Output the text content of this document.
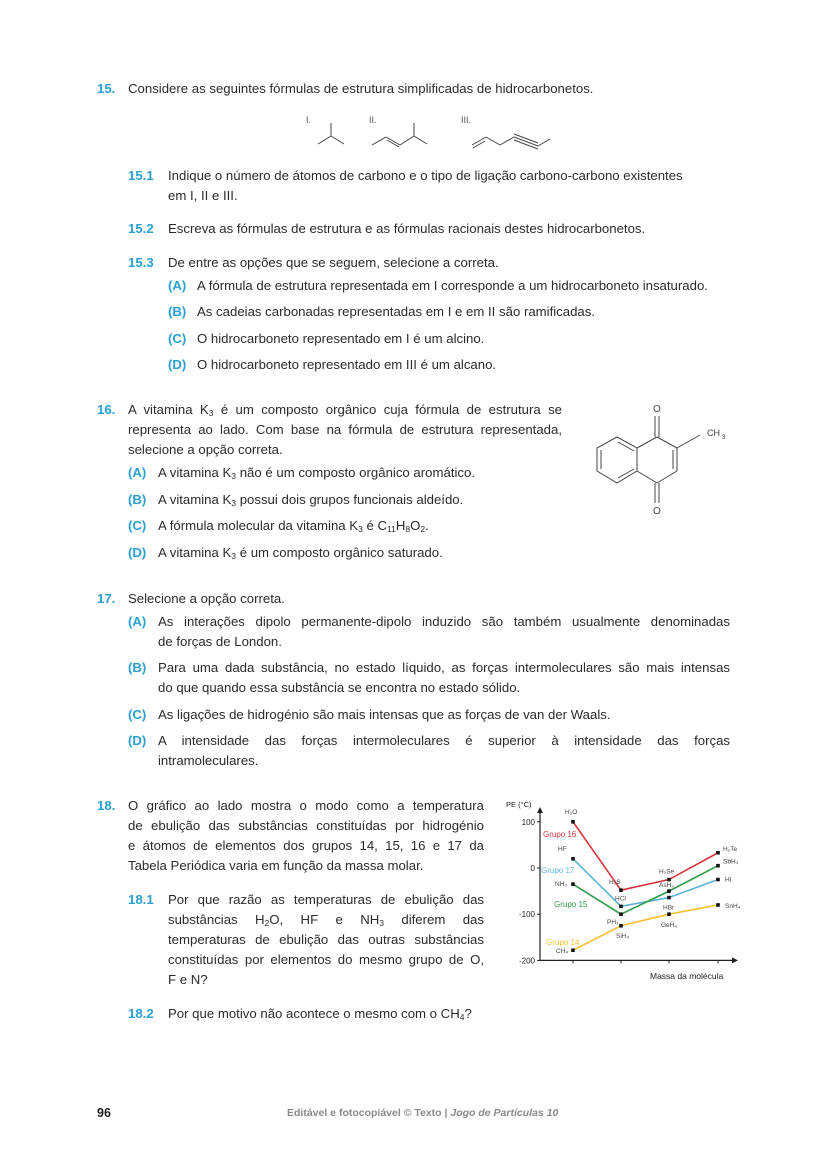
15. Considere as seguintes fórmulas de estrutura simplificadas de hidrocarbonetos.
I.	II.	III.
15.1 Indique o número de átomos de carbono e o tipo de ligação carbono-carbono existentes
em I, II e III.
15.2 Escreva as fórmulas de estrutura e as fórmulas racionais destes hidrocarbonetos.
15.3 De entre as opções que se seguem, selecione a correta.
(A) A fórmula de estrutura representada em I corresponde a um hidrocarboneto insaturado.
(B) As cadeias carbonadas representadas em I e em II são ramificadas.
(C) O hidrocarboneto representado em I é um alcino.
(D) O hidrocarboneto representado em III é um alcano.
16. A vitamina $K_3$ é um composto orgânico cuja fórmula de estrutura se
representa ao lado. Com base na fórmula de estrutura representada,
selecione a opção correta.
O
O
CH 3
(A) A vitamina $K_3$ não é um composto orgânico aromático.
(B) A vitamina $K_3$ possui dois grupos funcionais aldeído.
(C) A fórmula molecular da vitamina $K_3$ é $C_{11}H_8O_2$.
(D) A vitamina $K_3$ é um composto orgânico saturado.
17. Selecione a opção correta.
(A) As interações dipolo permanente-dipolo induzido são também usualmente denominadas
de forças de London.
(B) Para uma dada substância, no estado líquido, as forças intermoleculares são mais intensas
do que quando essa substância se encontra no estado sólido.
(C) As ligações de hidrogénio são mais intensas que as forças de van der Waals.
(D) A intensidade das forças intermoleculares é superior à intensidade das forças
intramoleculares.
18. O gráfico ao lado mostra o modo como a temperatura
de ebulição das substâncias constituídas por hidrogénio
e átomos de elementos dos grupos 14, 15, 16 e 17 da
Tabela Periódica varia em função da massa molar.
18.1 Por que razão as temperaturas de ebulição das
substâncias $H_2O$, HF e $NH_3$ diferem das
temperaturas de ebulição das outras substâncias
constituídas por elementos do mesmo grupo de O,
F e N?
18.2 Por que motivo não acontece o mesmo com o $CH_4$?
PE (°C)
Massa da molécula
100
0
-100
-200
H₂O
H₂S
H₂Se
H₂Te
Grupo 16
HF
HCl
HBr
HI
Grupo 17
NH₃
PH₃
AsH₃
SbH₃
Grupo 15
CH₄
SiH₄
GeH₄
SnH₄
Grupo 14
96	Editável e fotocopiável © Texto | Jogo de Partículas 10
